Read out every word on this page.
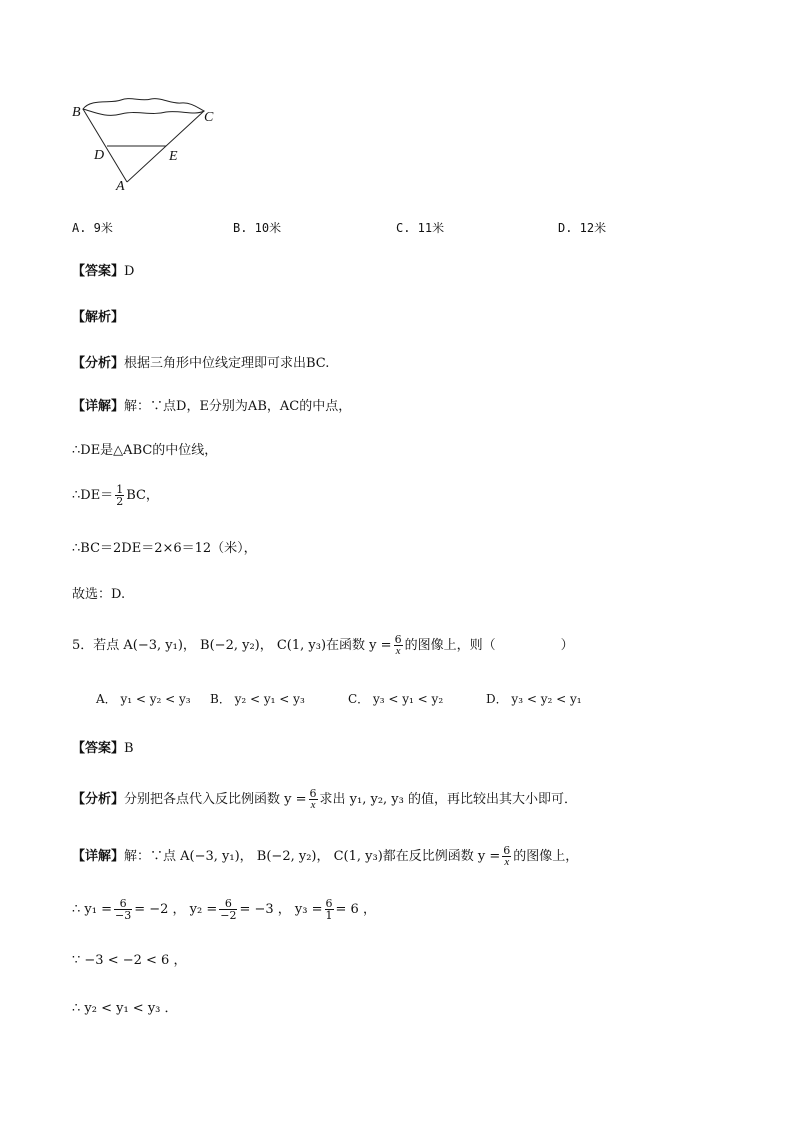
B	C
D	E
A
A. 9米	B. 10米	C. 11米	D. 12米
【答案】D
【解析】
【分析】根据三角形中位线定理即可求出BC.
【详解】解：∵点D，E分别为AB，AC的中点，
∴DE是△ABC的中位线，
∴DE＝ $\frac{1}{2}$ BC，
∴BC＝2DE＝2×6＝12（米），
故选：D.
5．若点 A(−3, y₁)， B(−2, y₂)， C(1, y₃)在函数 $y = \frac{6}{x}$ 的图像上，则（　　　　　）
A． y₁ < y₂ < y₃ B． y₂ < y₁ < y₃	C． y₃ < y₁ < y₂	D． y₃ < y₂ < y₁
【答案】B
【分析】分别把各点代入反比例函数 $y = \frac{6}{x}$ 求出 y₁, y₂, y₃ 的值，再比较出其大小即可．
【详解】解：∵点 A(−3, y₁)， B(−2, y₂)， C(1, y₃)都在反比例函数 $y = \frac{6}{x}$ 的图像上，
∴ $y_1 = \frac{6}{-3} = -2$ ， $y_2 = \frac{6}{-2} = -3$ ， $y_3 = \frac{6}{1} = 6$ ，
∵ −3 < −2 < 6 ，
∴ y₂ < y₁ < y₃ ．
